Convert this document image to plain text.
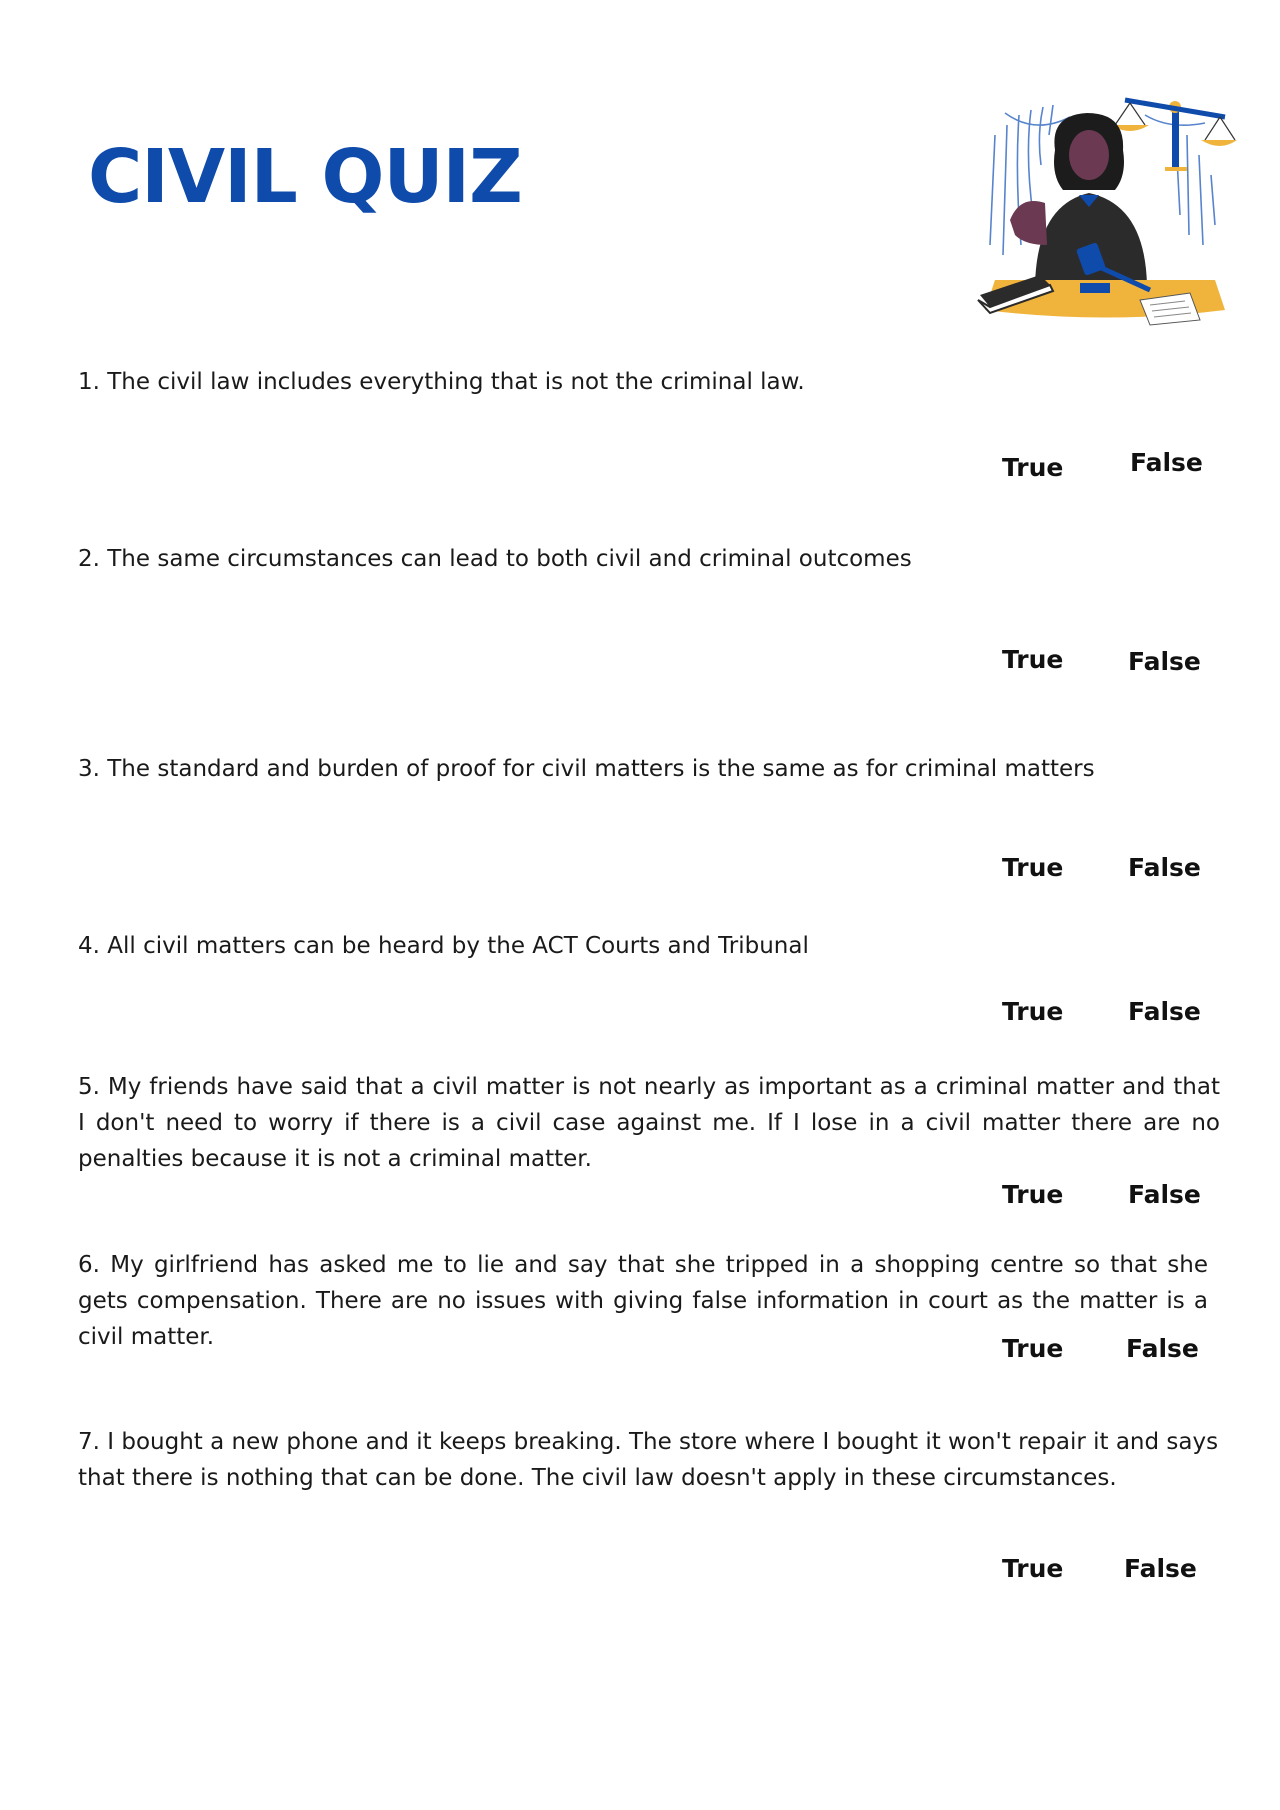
CIVIL QUIZ

1. The civil law includes everything that is not the criminal law.

True	False

2. The same circumstances can lead to both civil and criminal outcomes

True	False

3. The standard and burden of proof for civil matters is the same as for criminal matters

True	False

4. All civil matters can be heard by the ACT Courts and Tribunal

True	False

5. My friends have said that a civil matter is not nearly as important as a criminal matter and that I don't need to worry if there is a civil case against me. If I lose in a civil matter there are no penalties because it is not a criminal matter.

True	False

6. My girlfriend has asked me to lie and say that she tripped in a shopping centre so that she gets compensation. There are no issues with giving false information in court as the matter is a civil matter.	True	False

7. I bought a new phone and it keeps breaking. The store where I bought it won't repair it and says that there is nothing that can be done. The civil law doesn't apply in these circumstances.

True False
